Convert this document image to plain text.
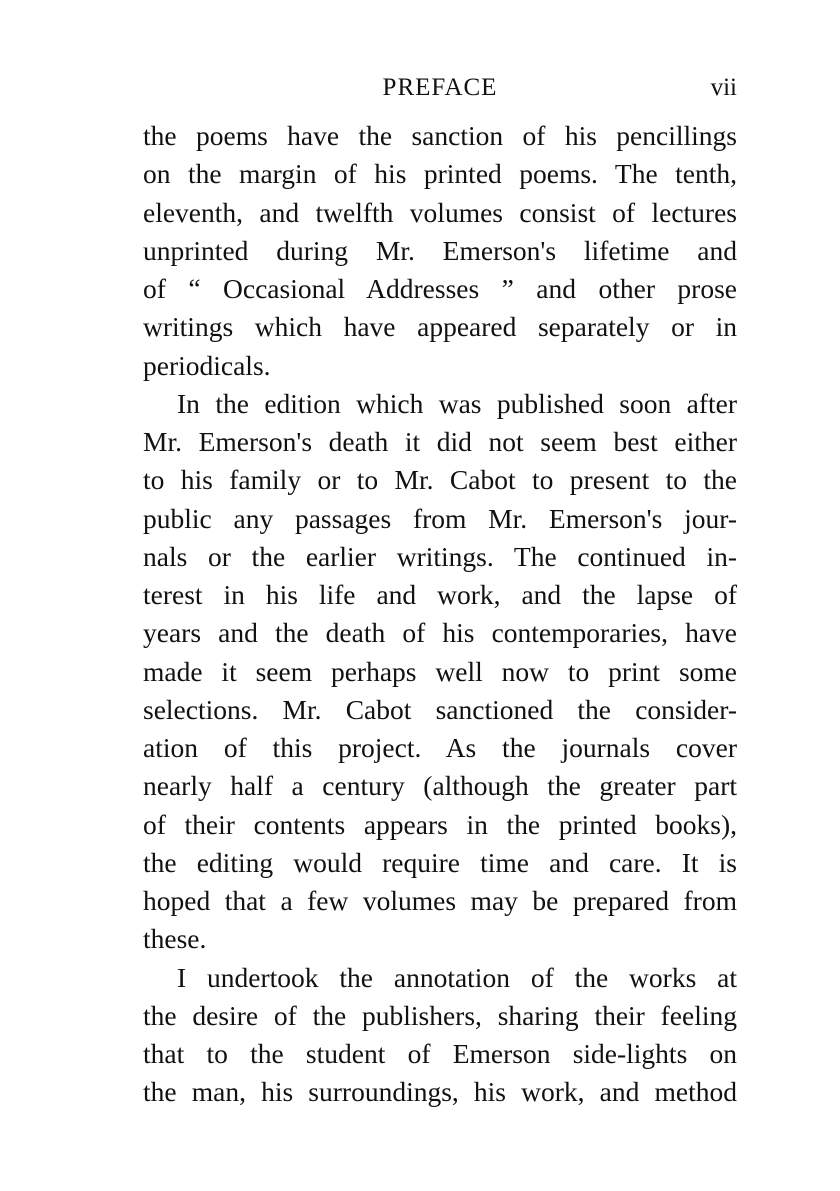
PREFACE	vii

the poems have the sanction of his pencillings

on the margin of his printed poems. The tenth,

eleventh, and twelfth volumes consist of lectures

unprinted during Mr. Emerson's lifetime and

of “ Occasional Addresses ” and other prose

writings which have appeared separately or in

periodicals.

In the edition which was published soon after

Mr. Emerson's death it did not seem best either

to his family or to Mr. Cabot to present to the

public any passages from Mr. Emerson's jour-

nals or the earlier writings. The continued in-

terest in his life and work, and the lapse of

years and the death of his contemporaries, have

made it seem perhaps well now to print some

selections. Mr. Cabot sanctioned the consider-

ation of this project. As the journals cover

nearly half a century (although the greater part

of their contents appears in the printed books),

the editing would require time and care. It is

hoped that a few volumes may be prepared from

these.

I undertook the annotation of the works at

the desire of the publishers, sharing their feeling

that to the student of Emerson side-lights on

the man, his surroundings, his work, and method
